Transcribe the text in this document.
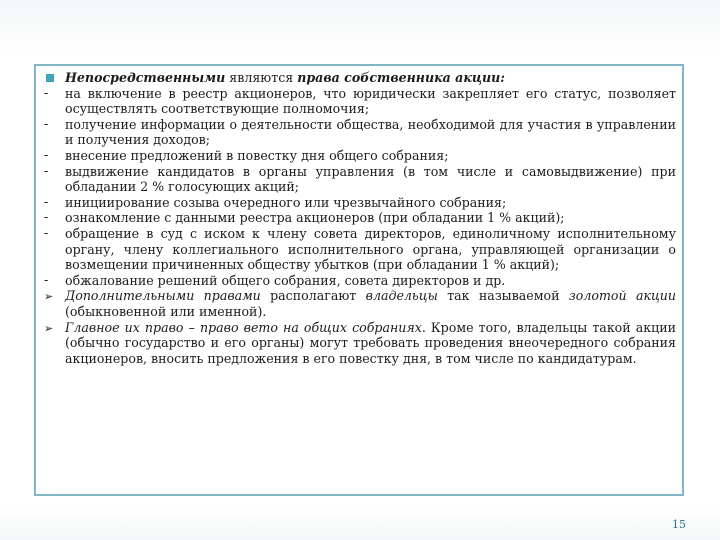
Непосредственными являются права собственника акции:

-	на включение в реестр акционеров, что юридически закрепляет его статус, позволяет осуществлять соответствующие полномочия;

-	получение информации о деятельности общества, необходимой для участия в управлении и получения доходов;

-	внесение предложений в повестку дня общего собрания;

-	выдвижение кандидатов в органы управления (в том числе и самовыдвижение) при обладании 2 % голосующих акций;

-	инициирование созыва очередного или чрезвычайного собрания;

-	ознакомление с данными реестра акционеров (при обладании 1 % акций);

-	обращение в суд с иском к члену совета директоров, единоличному исполнительному органу, члену коллегиального исполнительного органа, управляющей организации о возмещении причиненных обществу убытков (при обладании 1 % акций);

-	обжалование решений общего собрания, совета директоров и др.

➢ Дополнительными правами располагают владельцы так называемой золотой акции (обыкновенной или именной).

➢ Главное их право – право вето на общих собраниях. Кроме того, владельцы такой акции (обычно государство и его органы) могут требовать проведения внеочередного собрания акционеров, вносить предложения в его повестку дня, в том числе по кандидатурам.

15
